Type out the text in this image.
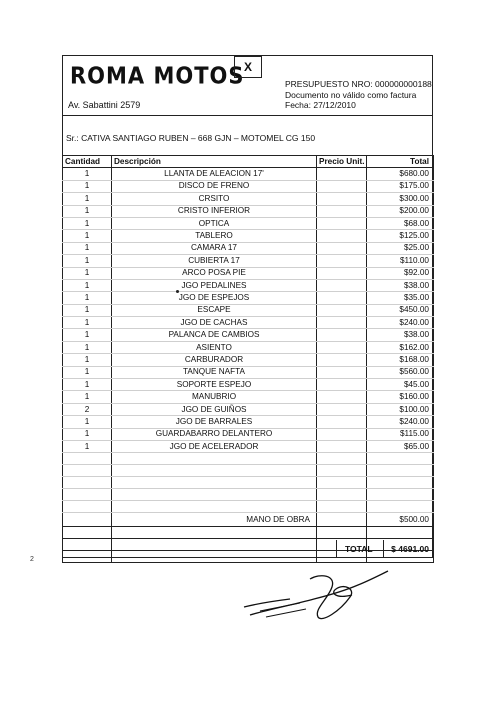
ROMA MOTOS X
Av. Sabattini 2579
PRESUPUESTO NRO: 000000000188
Documento no válido como factura
Fecha: 27/12/2010
Sr.: CATIVA SANTIAGO RUBEN – 668 GJN – MOTOMEL CG 150
Cantidad	Descripción	Precio Unit.	Total
1	LLANTA DE ALEACION 17'		$680.00
1	DISCO DE FRENO		$175.00
1	CRSITO		$300.00
1	CRISTO INFERIOR		$200.00
1	OPTICA		$68.00
1	TABLERO		$125.00
1	CAMARA 17		$25.00
1	CUBIERTA 17		$110.00
1	ARCO POSA PIE		$92.00
1	JGO PEDALINES		$38.00
1	JGO DE ESPEJOS		$35.00
1	ESCAPE		$450.00
1	JGO DE CACHAS		$240.00
1	PALANCA DE CAMBIOS		$38.00
1	ASIENTO		$162.00
1	CARBURADOR		$168.00
1	TANQUE NAFTA		$560.00
1	SOPORTE ESPEJO		$45.00
1	MANUBRIO		$160.00
2	JGO DE GUIÑOS		$100.00
1	JGO DE BARRALES		$240.00
1	GUARDABARRO DELANTERO		$115.00
1	JGO DE ACELERADOR		$65.00

	MANO DE OBRA		$500.00

TOTAL $ 4691.00
2
